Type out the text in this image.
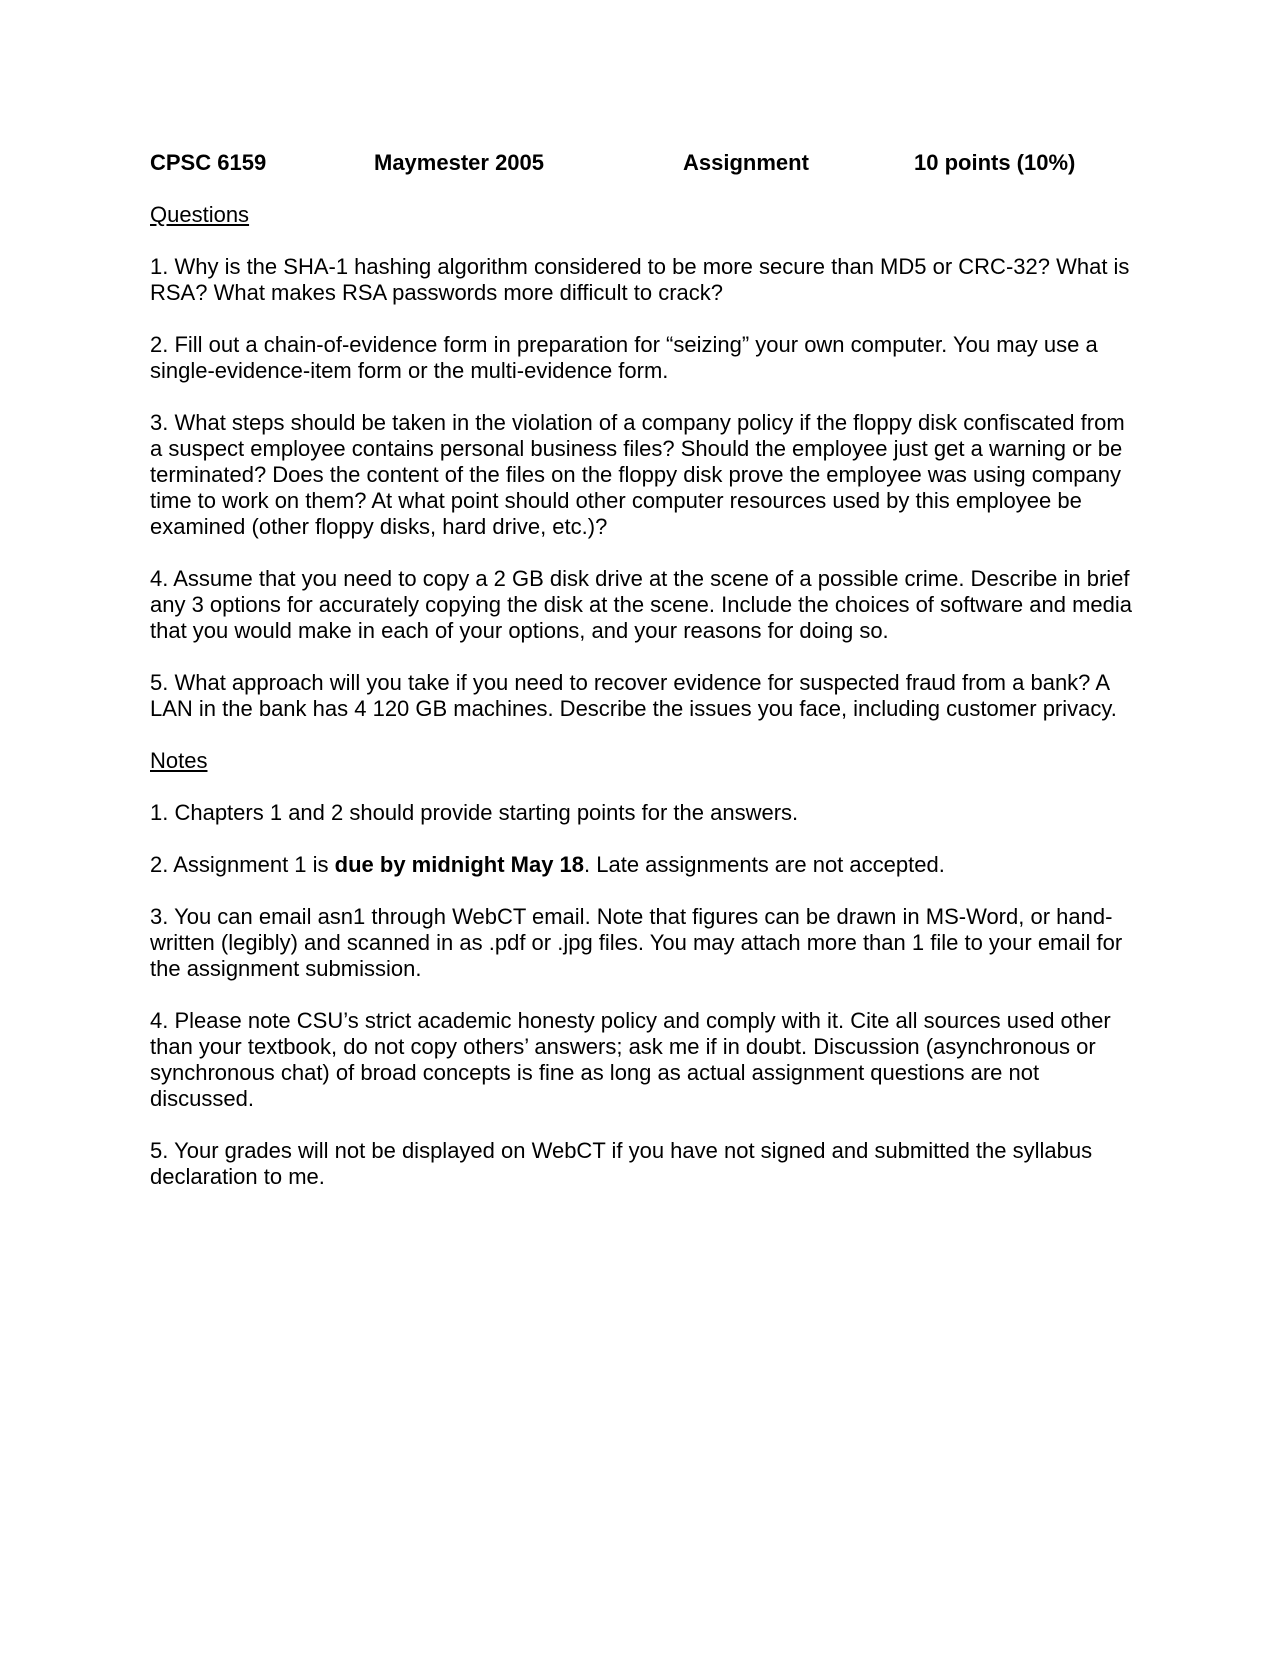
CPSC 6159	Maymester 2005	Assignment	10 points (10%)
Questions

1. Why is the SHA-1 hashing algorithm considered to be more secure than MD5 or CRC-32? What is RSA? What makes RSA passwords more difficult to crack?

2. Fill out a chain-of-evidence form in preparation for “seizing” your own computer. You may use a single-evidence-item form or the multi-evidence form.

3. What steps should be taken in the violation of a company policy if the floppy disk confiscated from a suspect employee contains personal business files? Should the employee just get a warning or be terminated? Does the content of the files on the floppy disk prove the employee was using company time to work on them? At what point should other computer resources used by this employee be examined (other floppy disks, hard drive, etc.)?

4. Assume that you need to copy a 2 GB disk drive at the scene of a possible crime. Describe in brief any 3 options for accurately copying the disk at the scene. Include the choices of software and media that you would make in each of your options, and your reasons for doing so.

5. What approach will you take if you need to recover evidence for suspected fraud from a bank? A LAN in the bank has 4 120 GB machines. Describe the issues you face, including customer privacy.

Notes

1. Chapters 1 and 2 should provide starting points for the answers.

2. Assignment 1 is due by midnight May 18. Late assignments are not accepted.

3. You can email asn1 through WebCT email. Note that figures can be drawn in MS-Word, or hand-written (legibly) and scanned in as .pdf or .jpg files. You may attach more than 1 file to your email for the assignment submission.

4. Please note CSU’s strict academic honesty policy and comply with it. Cite all sources used other than your textbook, do not copy others’ answers; ask me if in doubt. Discussion (asynchronous or synchronous chat) of broad concepts is fine as long as actual assignment questions are not discussed.

5. Your grades will not be displayed on WebCT if you have not signed and submitted the syllabus declaration to me.
